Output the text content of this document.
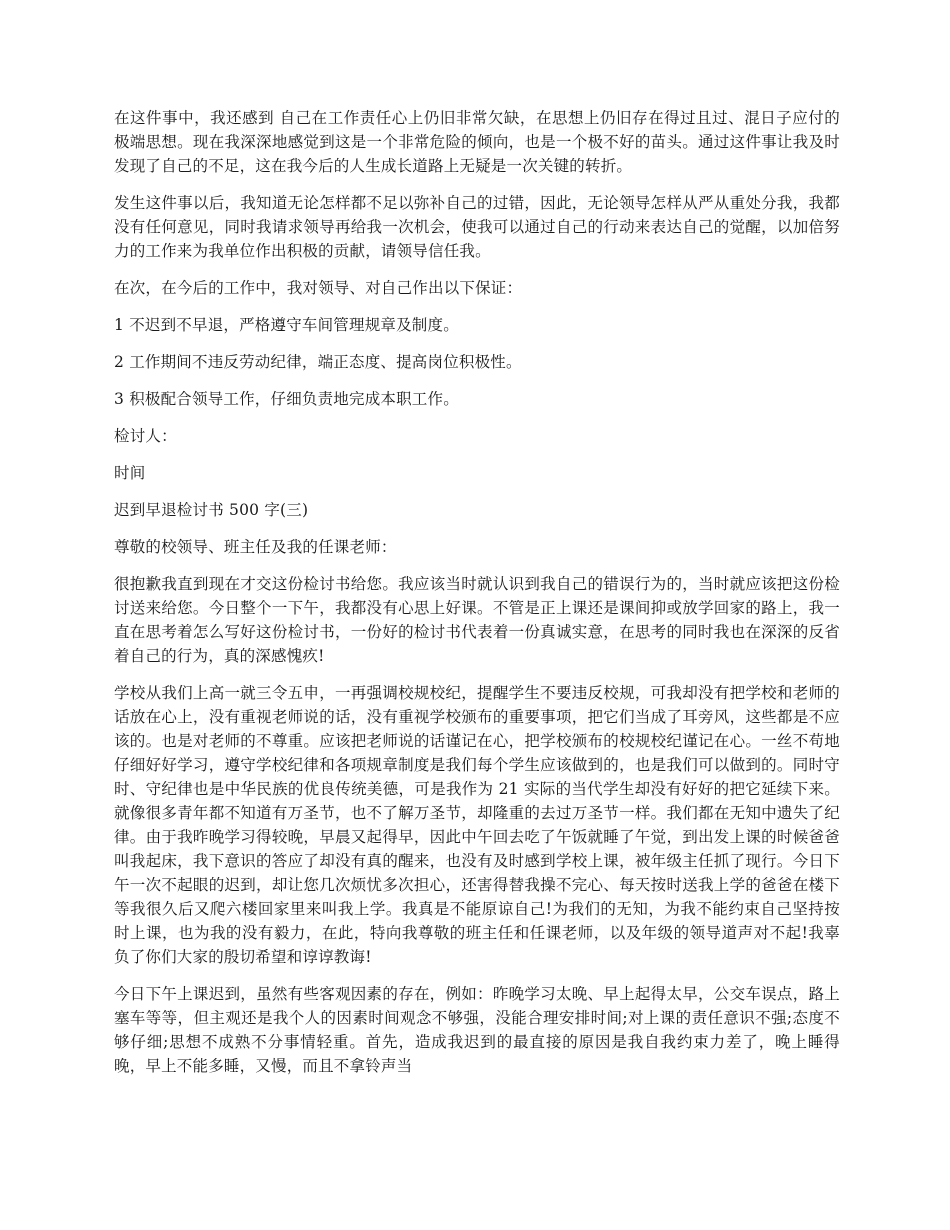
在这件事中，我还感到 自己在工作责任心上仍旧非常欠缺，在思想上仍旧存在得过且过、混日子应付的极端思想。现在我深深地感觉到这是一个非常危险的倾向，也是一个极不好的苗头。通过这件事让我及时发现了自己的不足，这在我今后的人生成长道路上无疑是一次关键的转折。

发生这件事以后，我知道无论怎样都不足以弥补自己的过错，因此，无论领导怎样从严从重处分我，我都没有任何意见，同时我请求领导再给我一次机会，使我可以通过自己的行动来表达自己的觉醒，以加倍努力的工作来为我单位作出积极的贡献，请领导信任我。

在次，在今后的工作中，我对领导、对自己作出以下保证：

1 不迟到不早退，严格遵守车间管理规章及制度。

2 工作期间不违反劳动纪律，端正态度、提高岗位积极性。

3 积极配合领导工作，仔细负责地完成本职工作。

检讨人：

时间

迟到早退检讨书 500 字(三)

尊敬的校领导、班主任及我的任课老师：

很抱歉我直到现在才交这份检讨书给您。我应该当时就认识到我自己的错误行为的，当时就应该把这份检讨送来给您。今日整个一下午，我都没有心思上好课。不管是正上课还是课间抑或放学回家的路上，我一直在思考着怎么写好这份检讨书，一份好的检讨书代表着一份真诚实意，在思考的同时我也在深深的反省着自己的行为，真的深感愧疚!

学校从我们上高一就三令五申，一再强调校规校纪，提醒学生不要违反校规，可我却没有把学校和老师的话放在心上，没有重视老师说的话，没有重视学校颁布的重要事项，把它们当成了耳旁风，这些都是不应该的。也是对老师的不尊重。应该把老师说的话谨记在心，把学校颁布的校规校纪谨记在心。一丝不苟地仔细好好学习，遵守学校纪律和各项规章制度是我们每个学生应该做到的，也是我们可以做到的。同时守时、守纪律也是中华民族的优良传统美德，可是我作为 21 实际的当代学生却没有好好的把它延续下来。就像很多青年都不知道有万圣节，也不了解万圣节，却隆重的去过万圣节一样。我们都在无知中遗失了纪律。由于我昨晚学习得较晚，早晨又起得早，因此中午回去吃了午饭就睡了午觉，到出发上课的时候爸爸叫我起床，我下意识的答应了却没有真的醒来，也没有及时感到学校上课，被年级主任抓了现行。今日下午一次不起眼的迟到，却让您几次烦忧多次担心，还害得替我操不完心、每天按时送我上学的爸爸在楼下等我很久后又爬六楼回家里来叫我上学。我真是不能原谅自己!为我们的无知，为我不能约束自己坚持按时上课，也为我的没有毅力，在此，特向我尊敬的班主任和任课老师，以及年级的领导道声对不起!我辜负了你们大家的殷切希望和谆谆教诲!

今日下午上课迟到，虽然有些客观因素的存在，例如：昨晚学习太晚、早上起得太早，公交车误点，路上塞车等等，但主观还是我个人的因素时间观念不够强，没能合理安排时间;对上课的责任意识不强;态度不够仔细;思想不成熟不分事情轻重。首先，造成我迟到的最直接的原因是我自我约束力差了，晚上睡得晚，早上不能多睡，又慢，而且不拿铃声当
